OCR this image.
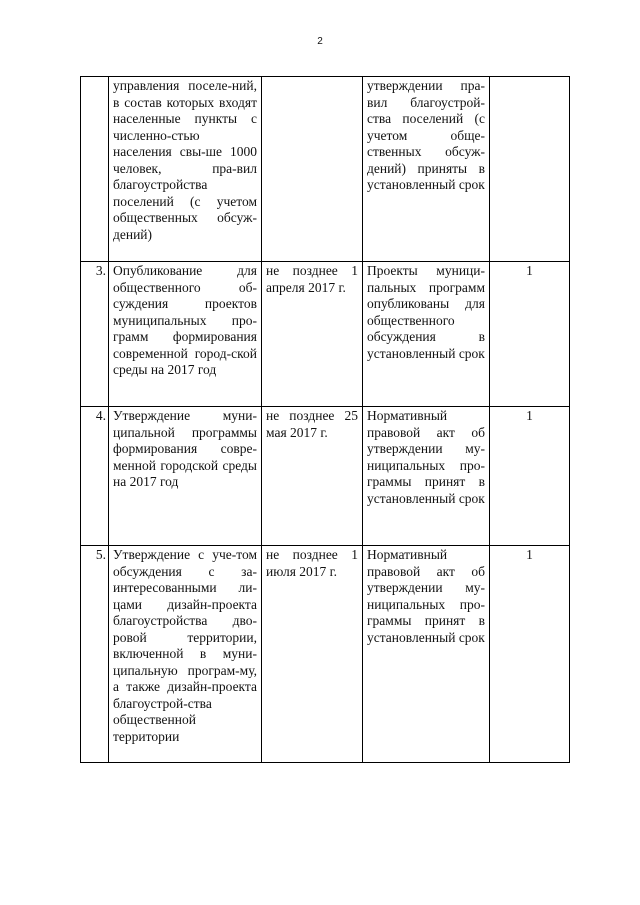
2
	управления поселе-ний, в состав которых входят населенные пункты с численно-стью населения свы-ше 1000 человек, пра-вил благоустройства поселений (с учетом общественных обсуж-дений)		утверждении пра-вил благоустрой-ства поселений (с учетом обще-ственных обсуж-дений) приняты в установленный срок	
3.	Опубликование для общественного об-суждения проектов муниципальных про-грамм формирования современной город-ской среды на 2017 год	не позднее 1 апреля 2017 г.	Проекты муници-пальных программ опубликованы для общественного обсуждения в установленный срок	1
4.	Утверждение муни-ципальной программы формирования совре-менной городской среды на 2017 год	не позднее 25 мая 2017 г.	Нормативный правовой акт об утверждении му-ниципальных про-граммы принят в установленный срок	1
5.	Утверждение с уче-том обсуждения с за-интересованными ли-цами дизайн-проекта благоустройства дво-ровой территории, включенной в муни-ципальную програм-му, а также дизайн-проекта благоустрой-ства общественной территории	не позднее 1 июля 2017 г.	Нормативный правовой акт об утверждении му-ниципальных про-граммы принят в установленный срок	1
